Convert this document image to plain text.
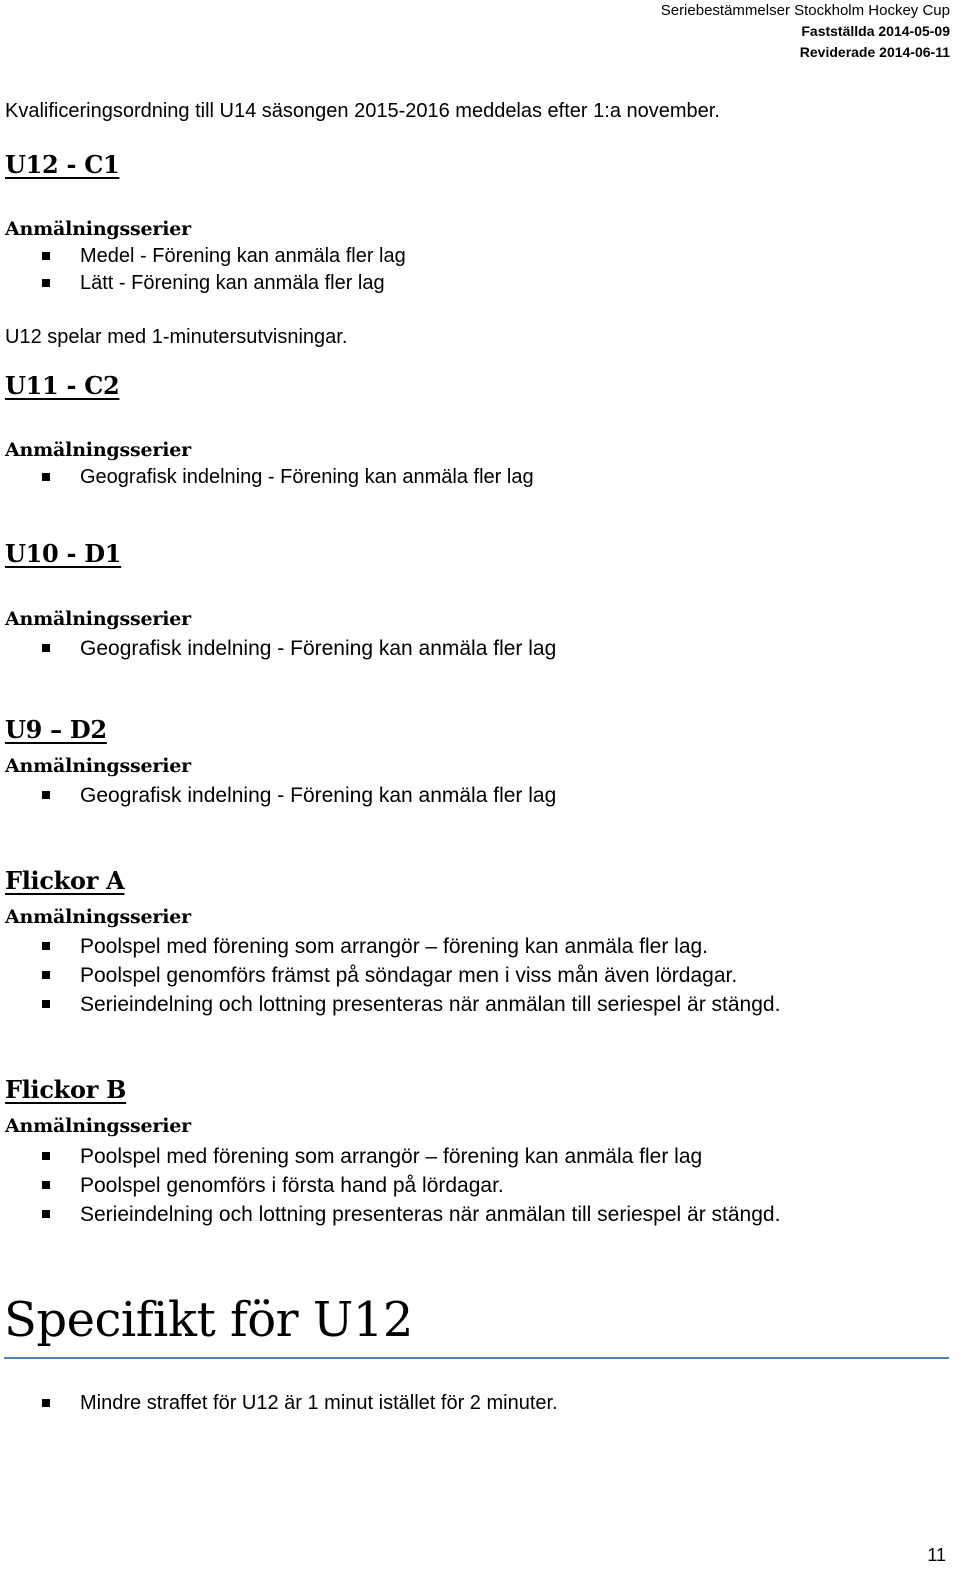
Seriebestämmelser Stockholm Hockey Cup
Fastställda 2014-05-09
Reviderade 2014-06-11
Kvalificeringsordning till U14 säsongen 2015-2016 meddelas efter 1:a november.
U12 - C1
Anmälningsserier
Medel - Förening kan anmäla fler lag
Lätt - Förening kan anmäla fler lag
U12 spelar med 1-minutersutvisningar.
U11 - C2
Anmälningsserier
Geografisk indelning - Förening kan anmäla fler lag
U10 - D1
Anmälningsserier
Geografisk indelning - Förening kan anmäla fler lag
U9 – D2
Anmälningsserier
Geografisk indelning - Förening kan anmäla fler lag
Flickor A
Anmälningsserier
Poolspel med förening som arrangör – förening kan anmäla fler lag.
Poolspel genomförs främst på söndagar men i viss mån även lördagar.
Serieindelning och lottning presenteras när anmälan till seriespel är stängd.
Flickor B
Anmälningsserier
Poolspel med förening som arrangör – förening kan anmäla fler lag
Poolspel genomförs i första hand på lördagar.
Serieindelning och lottning presenteras när anmälan till seriespel är stängd.
Specifikt för U12
Mindre straffet för U12 är 1 minut istället för 2 minuter.
11
